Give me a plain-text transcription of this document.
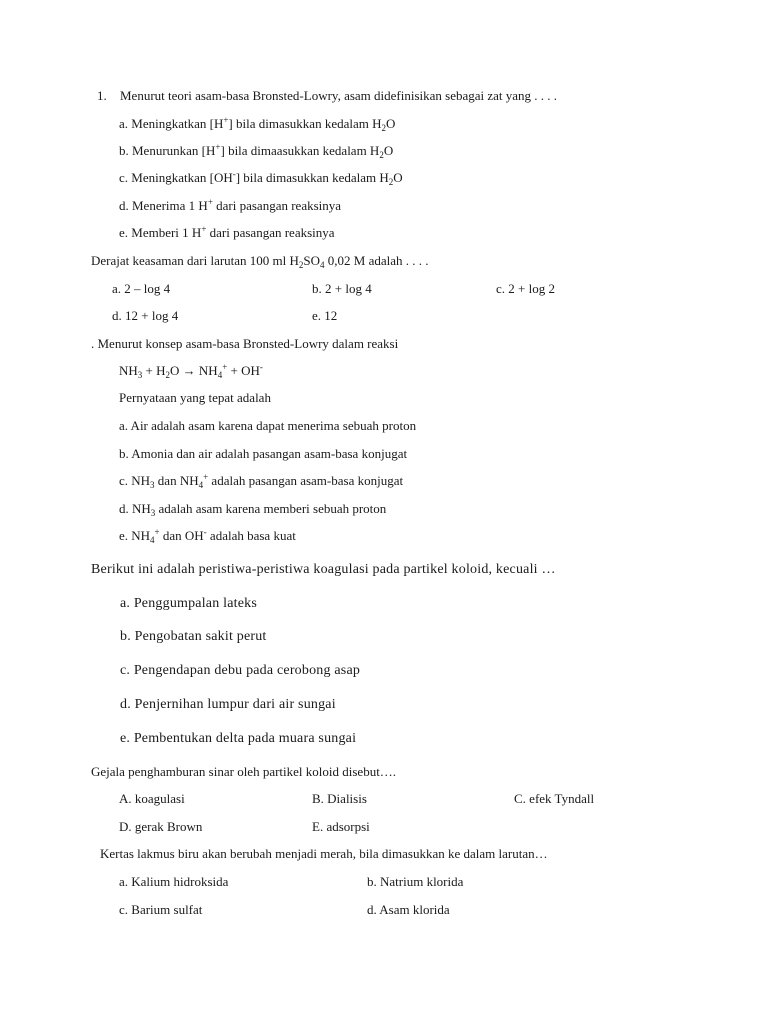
1. Menurut teori asam-basa Bronsted-Lowry, asam didefinisikan sebagai zat yang . . . .
a. Meningkatkan [H+] bila dimasukkan kedalam $H_2O$
b. Menurunkan [H+] bila dimaasukkan kedalam $H_2O$
c. Meningkatkan [OH-] bila dimasukkan kedalam $H_2O$
d. Menerima 1 H+ dari pasangan reaksinya
e. Memberi 1 H+ dari pasangan reaksinya
Derajat keasaman dari larutan 100 ml $H_2SO_4$ 0,02 M adalah . . . .
a. 2 – log 4	b. 2 + log 4	c. 2 + log 2
d. 12 + log 4	e. 12
. Menurut konsep asam-basa Bronsted-Lowry dalam reaksi
$NH_3 + H_2O \to NH_4^+ + OH^-$
Pernyataan yang tepat adalah
a. Air adalah asam karena dapat menerima sebuah proton
b. Amonia dan air adalah pasangan asam-basa konjugat
c. $NH_3$ dan $NH_4^+$ adalah pasangan asam-basa konjugat
d. $NH_3$ adalah asam karena memberi sebuah proton
e. $NH_4^+$ dan OH- adalah basa kuat
Berikut ini adalah peristiwa-peristiwa koagulasi pada partikel koloid, kecuali …
a. Penggumpalan lateks
b. Pengobatan sakit perut
c. Pengendapan debu pada cerobong asap
d. Penjernihan lumpur dari air sungai
e. Pembentukan delta pada muara sungai
Gejala penghamburan sinar oleh partikel koloid disebut….
A. koagulasi	B. Dialisis	C. efek Tyndall
D. gerak Brown	E. adsorpsi
Kertas lakmus biru akan berubah menjadi merah, bila dimasukkan ke dalam larutan…
a. Kalium hidroksida	b. Natrium klorida
c. Barium sulfat	d. Asam klorida
